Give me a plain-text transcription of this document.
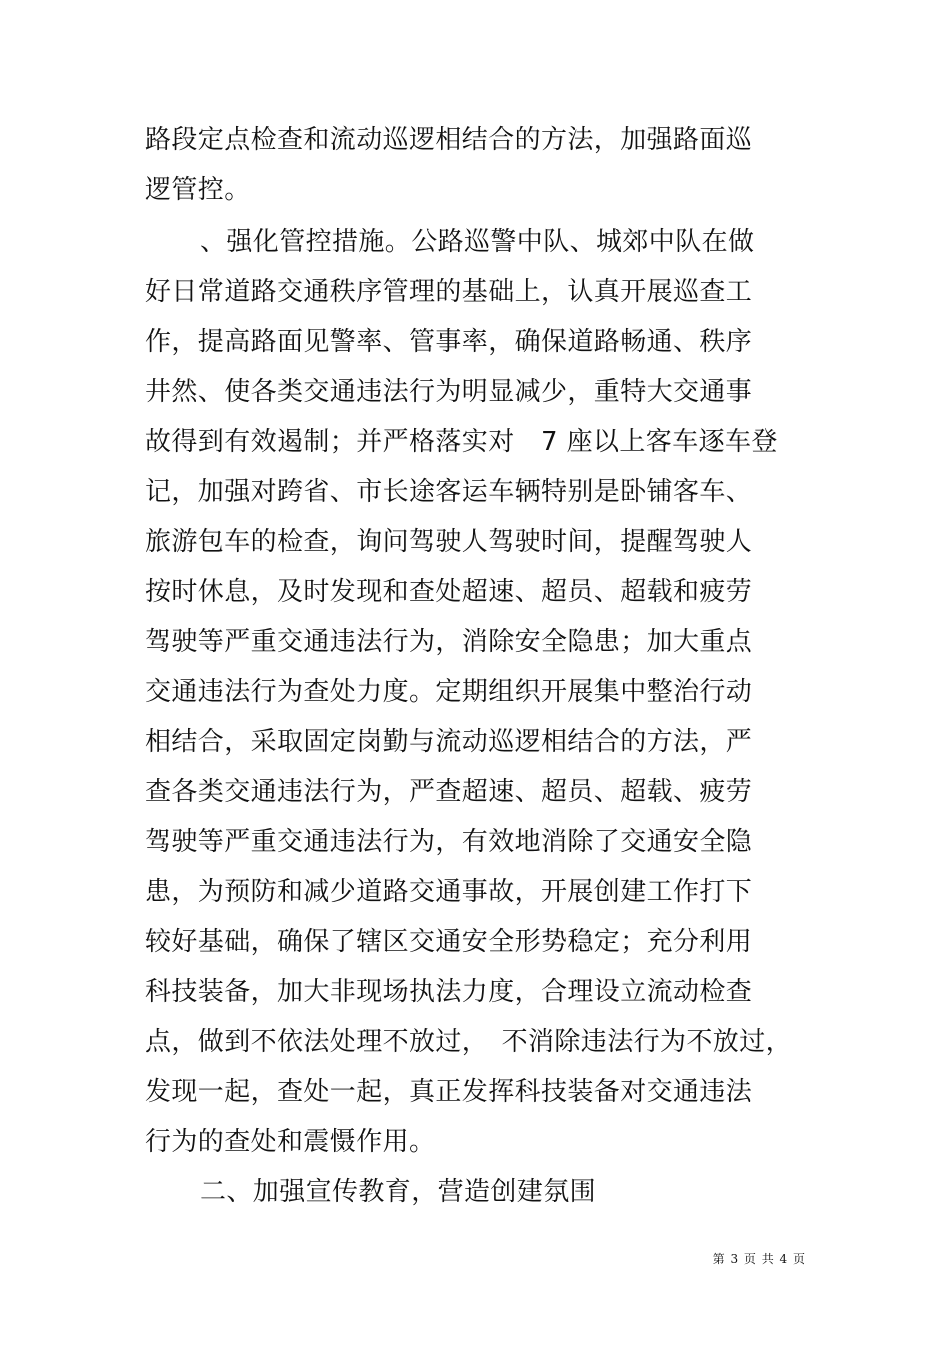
路段定点检查和流动巡逻相结合的方法，加强路面巡
逻管控。
、强化管控措施。公路巡警中队、城郊中队在做
好日常道路交通秩序管理的基础上，认真开展巡查工
作，提高路面见警率、管事率，确保道路畅通、秩序
井然、使各类交通违法行为明显减少，重特大交通事
故得到有效遏制；并严格落实对　7 座以上客车逐车登
记，加强对跨省、市长途客运车辆特别是卧铺客车、
旅游包车的检查，询问驾驶人驾驶时间，提醒驾驶人
按时休息，及时发现和查处超速、超员、超载和疲劳
驾驶等严重交通违法行为，消除安全隐患；加大重点
交通违法行为查处力度。定期组织开展集中整治行动
相结合，采取固定岗勤与流动巡逻相结合的方法，严
查各类交通违法行为，严查超速、超员、超载、疲劳
驾驶等严重交通违法行为，有效地消除了交通安全隐
患，为预防和减少道路交通事故，开展创建工作打下
较好基础，确保了辖区交通安全形势稳定；充分利用
科技装备，加大非现场执法力度，合理设立流动检查
点，做到不依法处理不放过，　不消除违法行为不放过，
发现一起，查处一起，真正发挥科技装备对交通违法
行为的查处和震慑作用。
二、加强宣传教育，营造创建氛围
第 3 页 共 4 页
